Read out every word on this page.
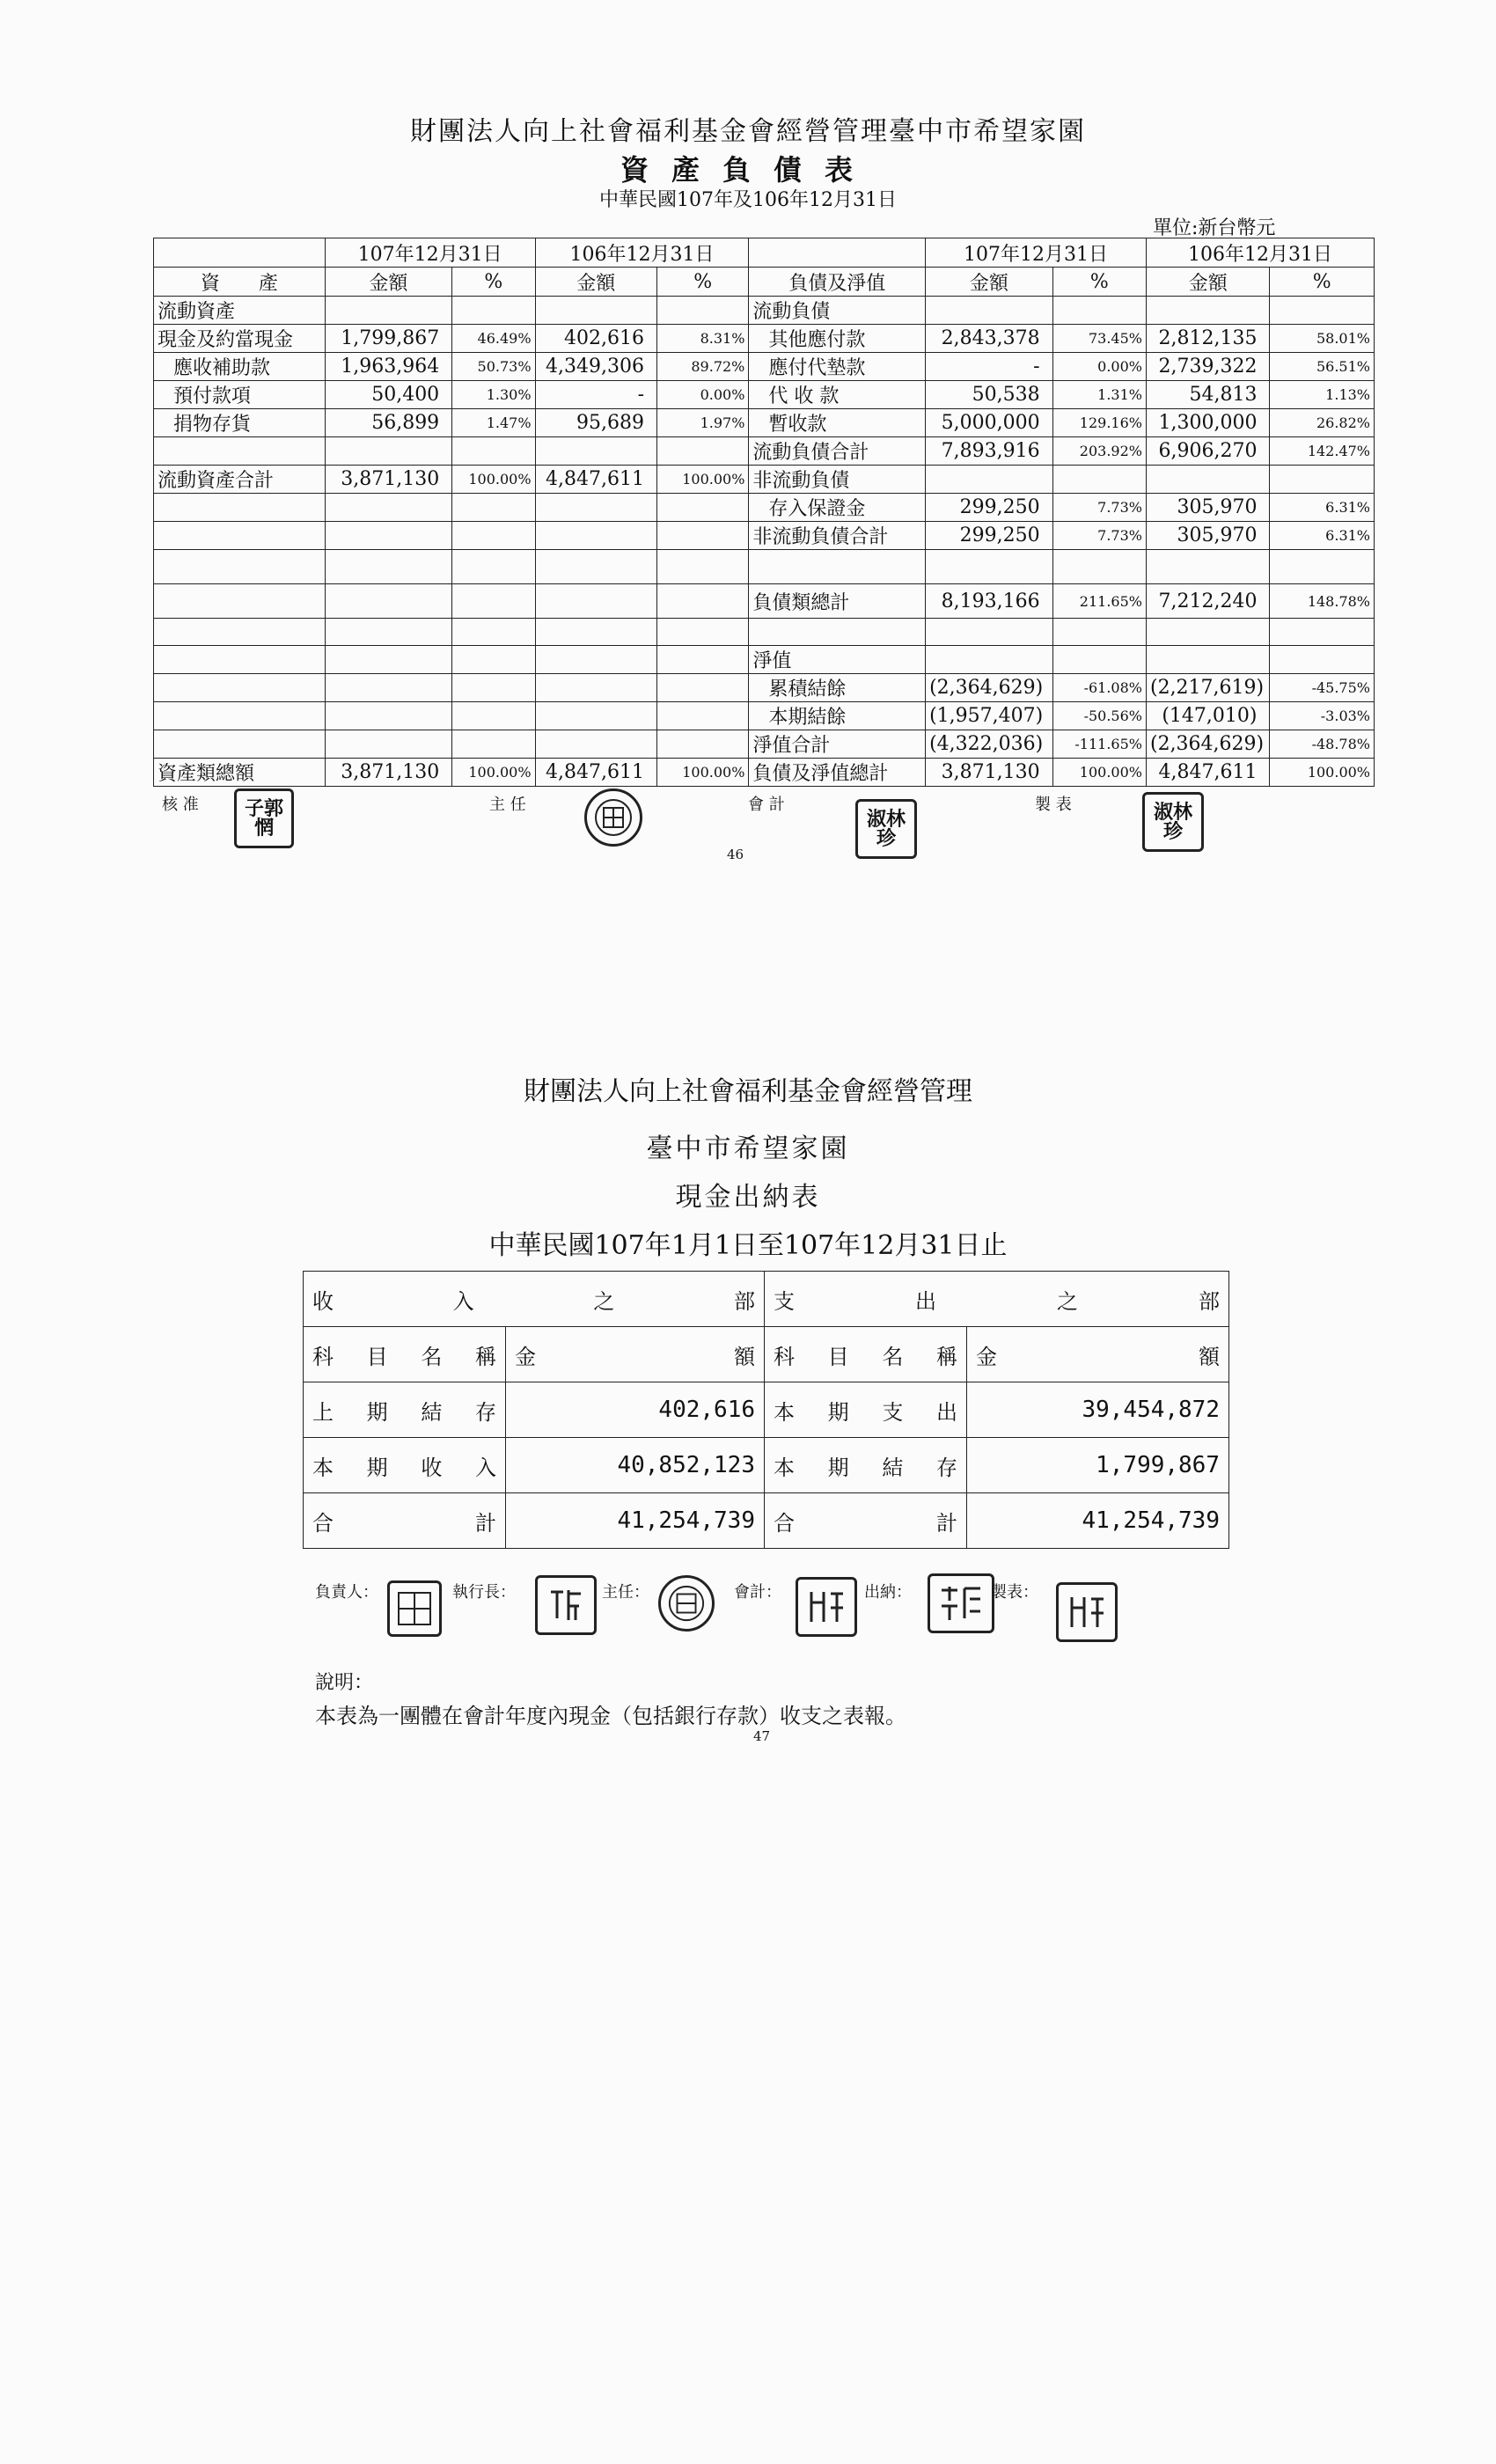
財團法人向上社會福利基金會經營管理臺中市希望家園
資產負債表
中華民國107年及106年12月31日
單位:新台幣元
	107年12月31日		106年12月31日			107年12月31日		106年12月31日	
資　　產	金額	%	金額	%	負債及淨值	金額	%	金額	%
流動資產					流動負債				
現金及約當現金	1,799,867	46.49%	402,616	8.31%	其他應付款	2,843,378	73.45%	2,812,135	58.01%
應收補助款	1,963,964	50.73%	4,349,306	89.72%	應付代墊款	-	0.00%	2,739,322	56.51%
預付款項	50,400	1.30%	-	0.00%	代 收 款	50,538	1.31%	54,813	1.13%
捐物存貨	56,899	1.47%	95,689	1.97%	暫收款	5,000,000	129.16%	1,300,000	26.82%
					流動負債合計	7,893,916	203.92%	6,906,270	142.47%
流動資產合計	3,871,130	100.00%	4,847,611	100.00%	非流動負債				
					存入保證金	299,250	7.73%	305,970	6.31%
					非流動負債合計	299,250	7.73%	305,970	6.31%

					負債類總計	8,193,166	211.65%	7,212,240	148.78%

					淨值				
					累積結餘	(2,364,629)	-61.08%	(2,217,619)	-45.75%
					本期結餘	(1,957,407)	-50.56%	(147,010)	-3.03%
					淨值合計	(4,322,036)	-111.65%	(2,364,629)	-48.78%
資產類總額	3,871,130	100.00%	4,847,611	100.00%	負債及淨值總計	3,871,130	100.00%	4,847,611	100.00%
核 准	子郭
惘
主 任	會 計
淑林
珍
製 表	淑林
珍
46
財團法人向上社會福利基金會經營管理
臺中市希望家園
現金出納表
中華民國107年1月1日至107年12月31日止
收 入 之 部		支 出 之 部	

科 目 名 稱	金 額	科 目 名 稱	金 額

上 期 結 存	402,616	本 期 支 出	39,454,872

本 期 收 入	40,852,123	本 期 結 存	1,799,867

合 計	41,254,739	合 計	41,254,739
負責人：	執行長：	主任：	會計：	出納：	製表：
說明：
本表為一團體在會計年度內現金（包括銀行存款）收支之表報。
47
